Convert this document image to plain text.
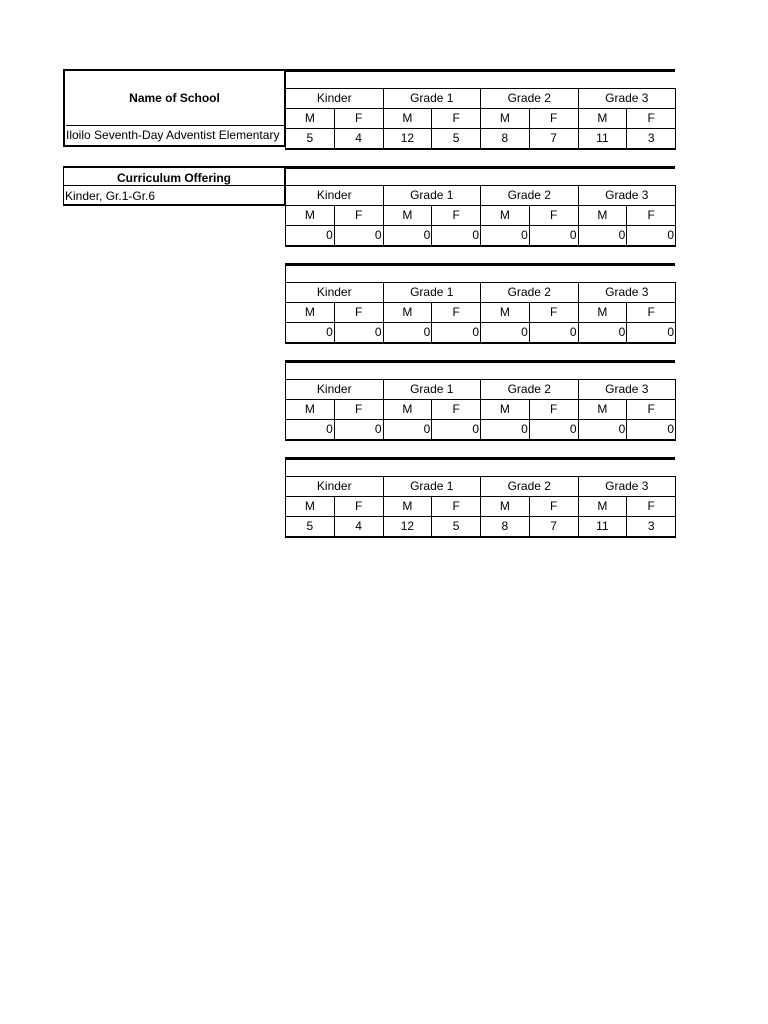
Name of School
Iloilo Seventh-Day Adventist Elementary
Curriculum Offering
Kinder, Gr.1-Gr.6
Kinder		Grade 1		Grade 2		Grade 3	
M	F	M	F	M	F	M	F
5	4	12	5	8	7	11	3
Kinder		Grade 1		Grade 2		Grade 3	
M	F	M	F	M	F	M	F
0	0	0	0	0	0	0	0
Kinder		Grade 1		Grade 2		Grade 3	
M	F	M	F	M	F	M	F
0	0	0	0	0	0	0	0
Kinder		Grade 1		Grade 2		Grade 3	
M	F	M	F	M	F	M	F
0	0	0	0	0	0	0	0
Kinder		Grade 1		Grade 2		Grade 3	
M	F	M	F	M	F	M	F
5	4	12	5	8	7	11	3
